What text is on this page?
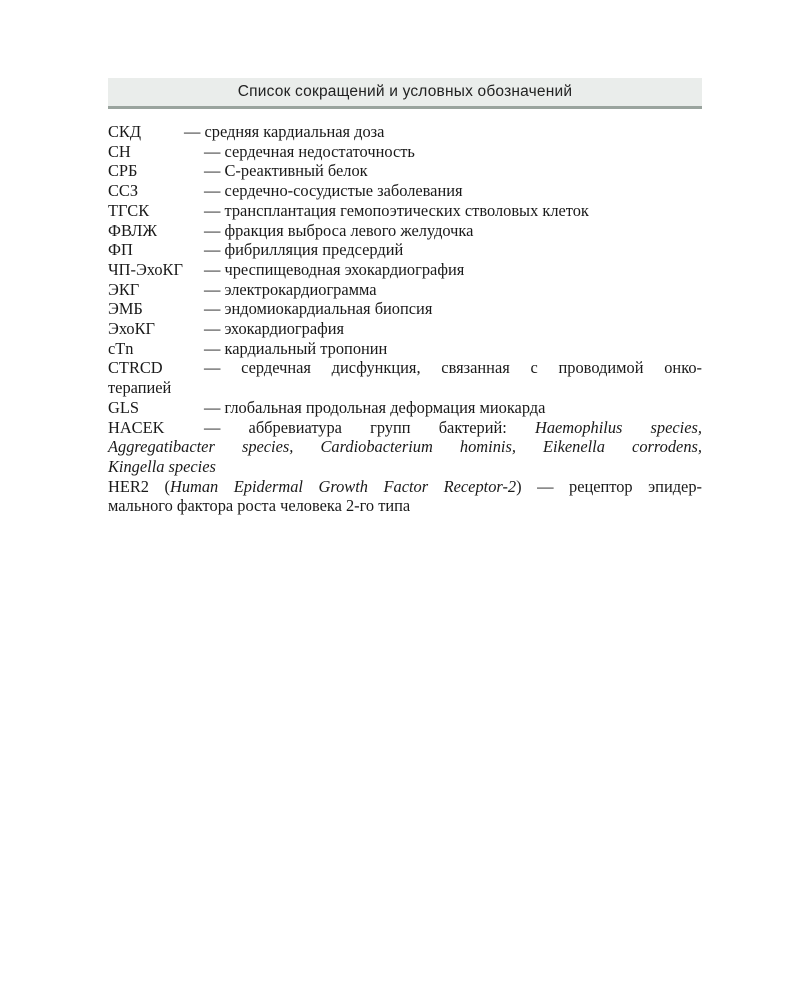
Список сокращений и условных обозначений
СКД	— средняя кардиальная доза
СН	— сердечная недостаточность
СРБ	— С-реактивный белок
ССЗ	— сердечно-сосудистые заболевания
ТГСК	— трансплантация гемопоэтических стволовых клеток
ФВЛЖ	— фракция выброса левого желудочка
ФП	— фибрилляция предсердий
ЧП-ЭхоКГ	— чреспищеводная эхокардиография
ЭКГ	— электрокардиограмма
ЭМБ	— эндомиокардиальная биопсия
ЭхоКГ	— эхокардиография
cTn	— кардиальный тропонин
CTRCD	— сердечная дисфункция, связанная с проводимой онко-
терапией
GLS	— глобальная продольная деформация миокарда
HACEK	— аббревиатура групп бактерий: Haemophilus species,
Aggregatibacter species, Cardiobacterium hominis, Eikenella corrodens,
Kingella species
HER2 (Human Epidermal Growth Factor Receptor-2) — рецептор эпидер-
мального фактора роста человека 2-го типа
